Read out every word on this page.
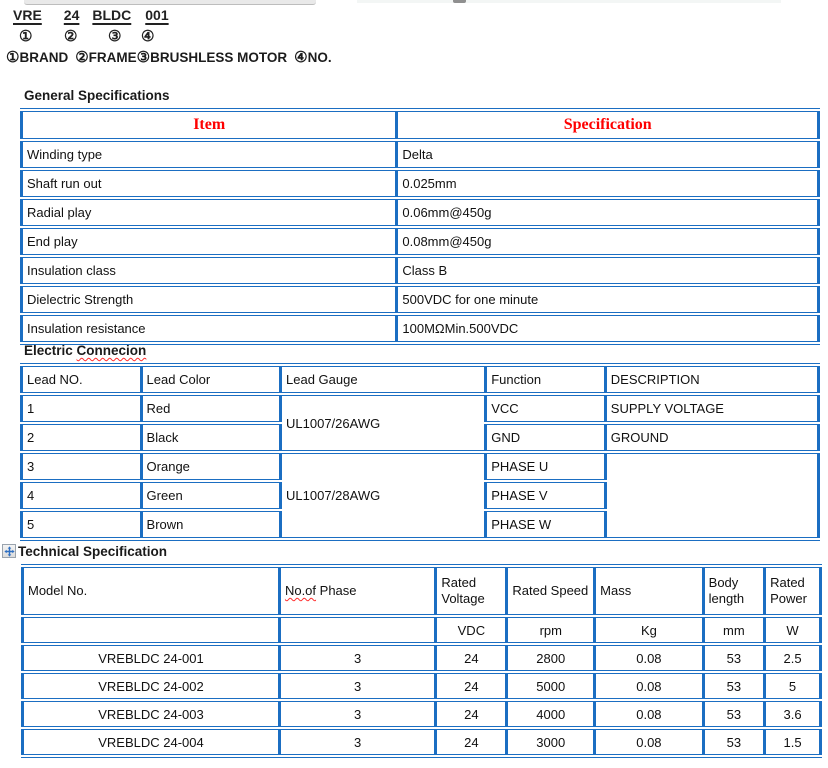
VRE 24 BLDC 001
① ② ③ ④
①BRAND ②FRAME③BRUSHLESS MOTOR ④NO.
General Specifications
Item	Specification
Winding type	Delta
Shaft run out	0.025mm
Radial play	0.06mm@450g
End play	0.08mm@450g
Insulation class	Class B
Dielectric Strength	500VDC for one minute
Insulation resistance	100MΩMin.500VDC
Electric Connecion
Lead NO.	Lead Color	Lead Gauge	Function	DESCRIPTION
1	Red	UL1007/26AWG	VCC	SUPPLY VOLTAGE
2	Black		GND	GROUND
3	Orange	UL1007/28AWG	PHASE U	
4	Green		PHASE V	
5	Brown		PHASE W	
Technical Specification
Model No.	No.of Phase	Rated Voltage	Rated Speed	Mass	Body length	Rated Power
		VDC	rpm	Kg	mm	W
VREBLDC 24-001	3	24	2800	0.08	53	2.5
VREBLDC 24-002	3	24	5000	0.08	53	5
VREBLDC 24-003	3	24	4000	0.08	53	3.6
VREBLDC 24-004	3	24	3000	0.08	53	1.5
